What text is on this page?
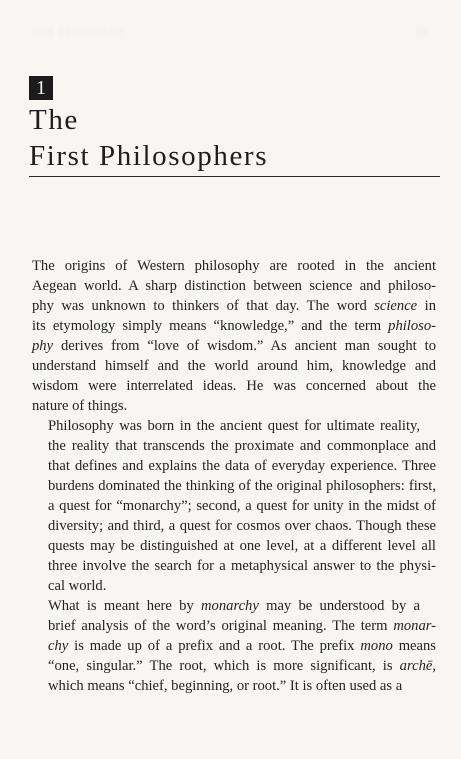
░░░ ░░░░░░░░░	░░
1
The
First Philosophers

The origins of Western philosophy are rooted in the ancient
Aegean world. A sharp distinction between science and philoso-
phy was unknown to thinkers of that day. The word science in
its etymology simply means “knowledge,” and the term philoso-
phy derives from “love of wisdom.” As ancient man sought to
understand himself and the world around him, knowledge and
wisdom were interrelated ideas. He was concerned about the
nature of things.

Philosophy was born in the ancient quest for ultimate reality,
the reality that transcends the proximate and commonplace and
that defines and explains the data of everyday experience. Three
burdens dominated the thinking of the original philosophers: first,
a quest for “monarchy”; second, a quest for unity in the midst of
diversity; and third, a quest for cosmos over chaos. Though these
quests may be distinguished at one level, at a different level all
three involve the search for a metaphysical answer to the physi-
cal world.

What is meant here by monarchy may be understood by a
brief analysis of the word’s original meaning. The term monar-
chy is made up of a prefix and a root. The prefix mono means
“one, singular.” The root, which is more significant, is archē,
which means “chief, beginning, or root.” It is often used as a
